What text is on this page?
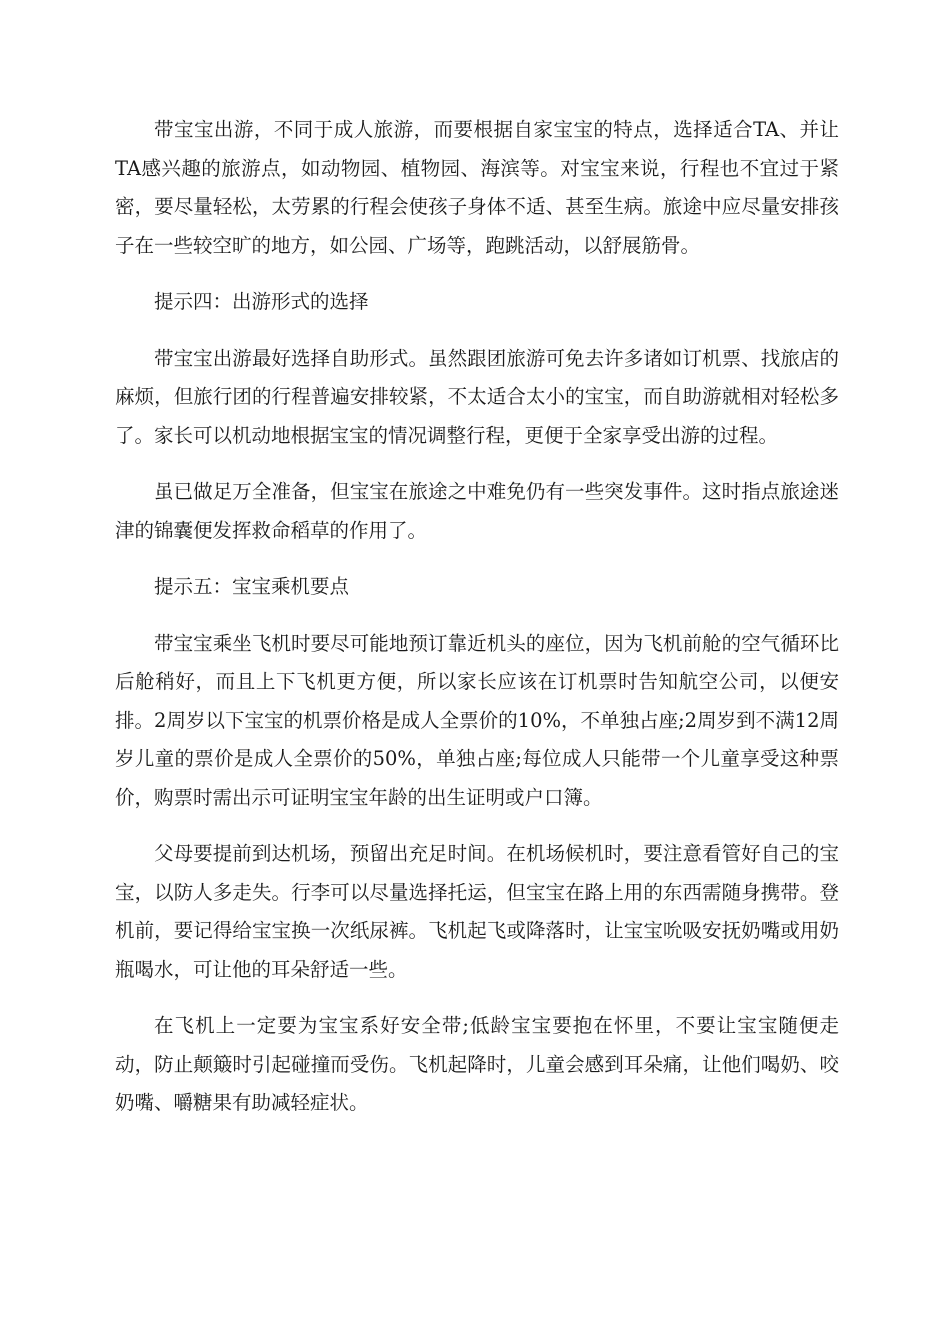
带宝宝出游，不同于成人旅游，而要根据自家宝宝的特点，选择适合TA、并让TA感兴趣的旅游点，如动物园、植物园、海滨等。对宝宝来说，行程也不宜过于紧密，要尽量轻松，太劳累的行程会使孩子身体不适、甚至生病。旅途中应尽量安排孩子在一些较空旷的地方，如公园、广场等，跑跳活动，以舒展筋骨。

提示四：出游形式的选择

带宝宝出游最好选择自助形式。虽然跟团旅游可免去许多诸如订机票、找旅店的麻烦，但旅行团的行程普遍安排较紧，不太适合太小的宝宝，而自助游就相对轻松多了。家长可以机动地根据宝宝的情况调整行程，更便于全家享受出游的过程。

虽已做足万全准备，但宝宝在旅途之中难免仍有一些突发事件。这时指点旅途迷津的锦囊便发挥救命稻草的作用了。

提示五：宝宝乘机要点

带宝宝乘坐飞机时要尽可能地预订靠近机头的座位，因为飞机前舱的空气循环比后舱稍好，而且上下飞机更方便，所以家长应该在订机票时告知航空公司，以便安排。2周岁以下宝宝的机票价格是成人全票价的10%，不单独占座;2周岁到不满12周岁儿童的票价是成人全票价的50%，单独占座;每位成人只能带一个儿童享受这种票价，购票时需出示可证明宝宝年龄的出生证明或户口簿。

父母要提前到达机场，预留出充足时间。在机场候机时，要注意看管好自己的宝宝，以防人多走失。行李可以尽量选择托运，但宝宝在路上用的东西需随身携带。登机前，要记得给宝宝换一次纸尿裤。飞机起飞或降落时，让宝宝吮吸安抚奶嘴或用奶瓶喝水，可让他的耳朵舒适一些。

在飞机上一定要为宝宝系好安全带;低龄宝宝要抱在怀里，不要让宝宝随便走动，防止颠簸时引起碰撞而受伤。飞机起降时，儿童会感到耳朵痛，让他们喝奶、咬奶嘴、嚼糖果有助减轻症状。
